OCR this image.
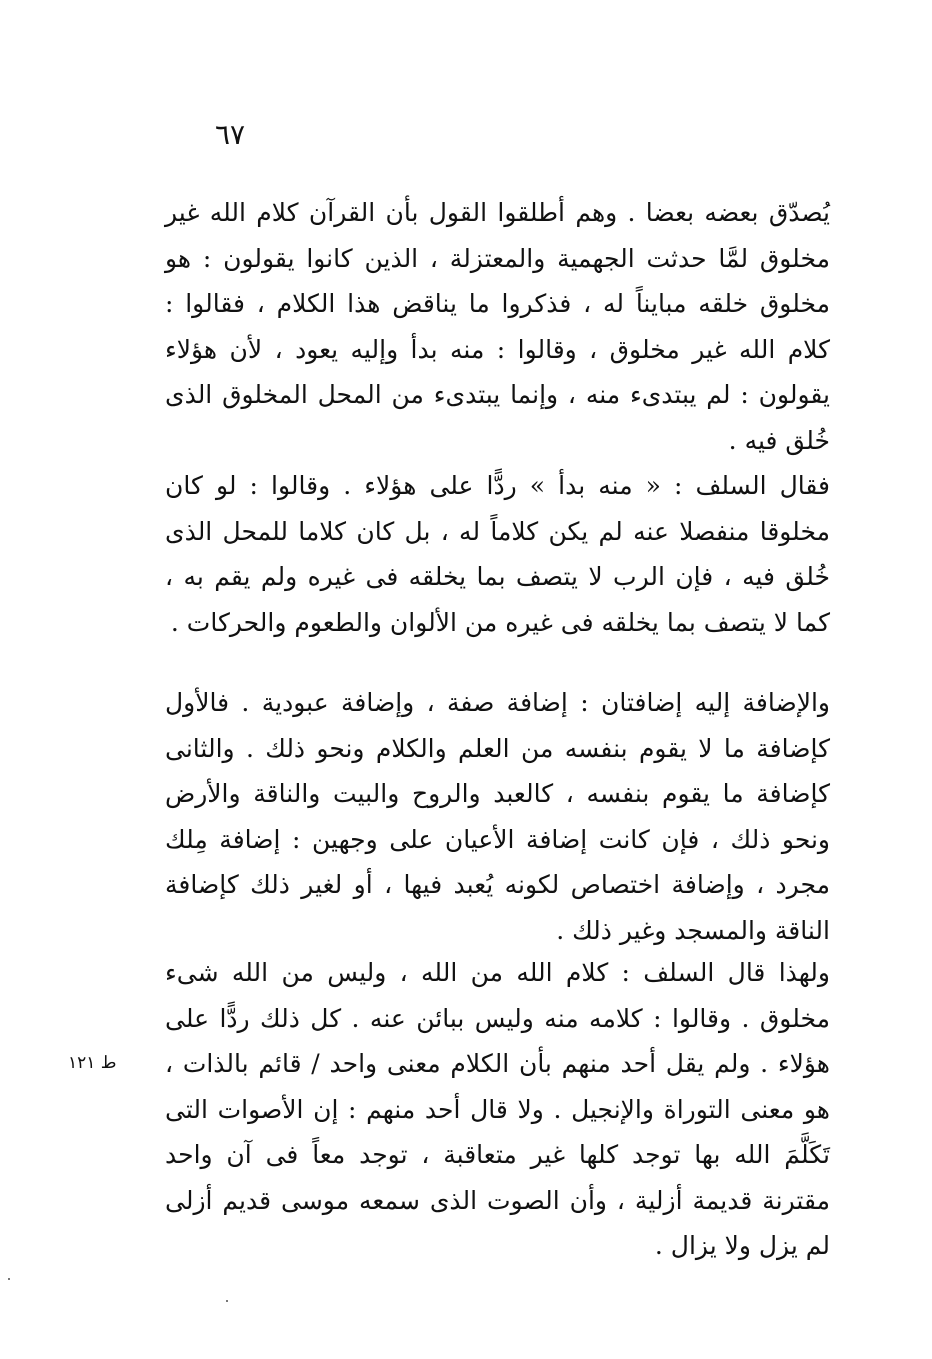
٦٧

يُصدّق بعضه بعضا . وهم أطلقوا القول بأن القرآن كلام الله غير مخلوق لمَّا حدثت الجهمية والمعتزلة ، الذين كانوا يقولون : هو مخلوق خلقه مبايناً له ، فذكروا ما يناقض هذا الكلام ، فقالوا : كلام الله غير مخلوق ، وقالوا : منه بدأ وإليه يعود ، لأن هؤلاء يقولون : لم يبتدىء منه ، وإنما يبتدىء من المحل المخلوق الذى خُلق فيه .

فقال السلف : « منه بدأ » ردًّا على هؤلاء . وقالوا : لو كان مخلوقا منفصلا عنه لم يكن كلاماً له ، بل كان كلاما للمحل الذى خُلق فيه ، فإن الرب لا يتصف بما يخلقه فى غيره ولم يقم به ، كما لا يتصف بما يخلقه فى غيره من الألوان والطعوم والحركات .

والإضافة إليه إضافتان : إضافة صفة ، وإضافة عبودية . فالأول كإضافة ما لا يقوم بنفسه من العلم والكلام ونحو ذلك . والثانى كإضافة ما يقوم بنفسه ، كالعبد والروح والبيت والناقة والأرض ونحو ذلك ، فإن كانت إضافة الأعيان على وجهين : إضافة مِلك مجرد ، وإضافة اختصاص لكونه يُعبد فيها ، أو لغير ذلك كإضافة الناقة والمسجد وغير ذلك .

ولهذا قال السلف : كلام الله من الله ، وليس من الله شىء مخلوق . وقالوا : كلامه منه وليس ببائن عنه . كل ذلك ردًّا على هؤلاء . ولم يقل أحد منهم بأن الكلام معنى واحد / قائم بالذات ، هو معنى التوراة والإنجيل . ولا قال أحد منهم : إن الأصوات التى تَكَلَّمَ الله بها توجد كلها غير متعاقبة ، توجد معاً فى آن واحد مقترنة قديمة أزلية ، وأن الصوت الذى سمعه موسى قديم أزلى لم يزل ولا يزال .

ط ١٢١
